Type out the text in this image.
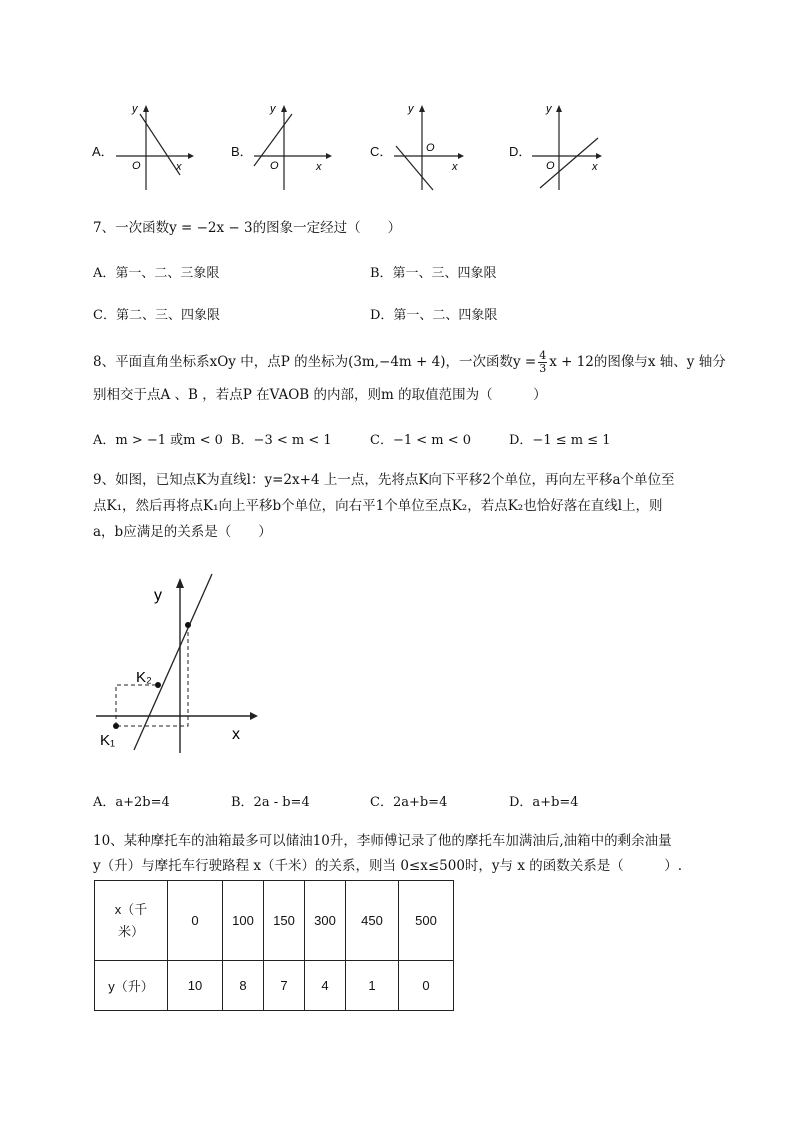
A．
y
O	x
B．
y
O	x
C．
y
O
x
D．
y
O	x
7、一次函数y = −2x − 3的图象一定经过（　　）
A．第一、二、三象限	B．第一、三、四象限
C．第二、三、四象限	D．第一、二、四象限
8、平面直角坐标系xOy 中，点P 的坐标为(3m,−4m + 4)，一次函数y = 4
3 x + 12的图像与x 轴、y 轴分
别相交于点A 、B ，若点P 在VAOB 的内部，则m 的取值范围为（　　　）
A．m > −1 或m < 0 B．−3 < m < 1	C．−1 < m < 0	D．−1 ≤ m ≤ 1
9、如图，已知点K为直线l：y=2x+4 上一点，先将点K向下平移2个单位，再向左平移a个单位至
点K₁，然后再将点K₁向上平移b个单位，向右平1个单位至点K₂，若点K₂也恰好落在直线l上，则
a，b应满足的关系是（　　）
y
x
K₂
K₁
A．a+2b=4	B．2a - b=4	C．2a+b=4	D．a+b=4
10、某种摩托车的油箱最多可以储油10升，李师傅记录了他的摩托车加满油后,油箱中的剩余油量
y（升）与摩托车行驶路程 x（千米）的关系，则当 0≤x≤500时，y与 x 的函数关系是（　　　）.
x（千
米）	0	100	150	300	450	500
y（升）	10	8	7	4	1	0
